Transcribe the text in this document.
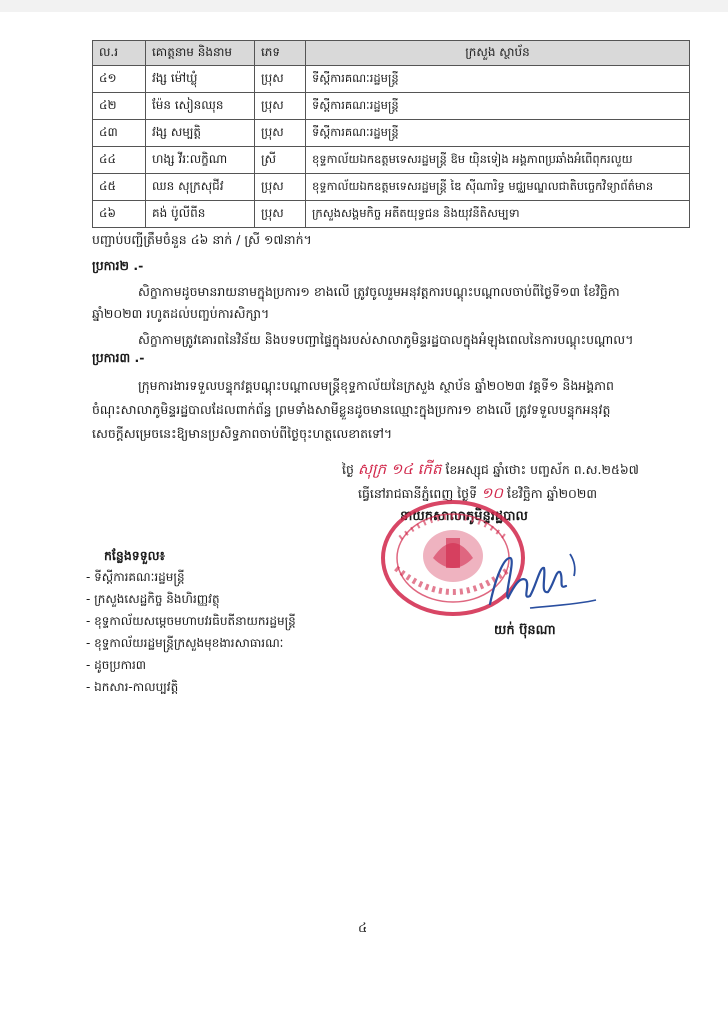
ល.រ	គោត្តនាម និងនាម	ភេទ	ក្រសួង ស្ថាប័ន
៤១	វង្ស ម៉ៅឃ្លុំ	ប្រុស	ទីស្តីការគណៈរដ្ឋមន្ត្រី
៤២	ម៉ែន សៀនឈុន	ប្រុស	ទីស្តីការគណៈរដ្ឋមន្ត្រី
៤៣	វង្ស សម្បត្តិ	ប្រុស	ទីស្តីការគណៈរដ្ឋមន្ត្រី
៤៤	ហង្ស វីរៈលក្ខិណា	ស្រី	ខុទ្ទកាល័យឯកឧត្តមទេសរដ្ឋមន្ត្រី ឱម យ៉ិនទៀង អង្គភាពប្រឆាំងអំពើពុករលួយ
៤៥	ឈន សុក្រសុជីវ	ប្រុស	ខុទ្ទកាល័យឯកឧត្តមទេសរដ្ឋមន្ត្រី ឌៃ ស៊ីណារិទ្ធ មជ្ឈមណ្ឌលជាតិបច្ចេកវិទ្យាព័ត៌មាន
៤៦	គង់ ប៉ូលីពីន	ប្រុស	ក្រសួងសង្គមកិច្ច អតីតយុទ្ធជន និងយុវនីតិសម្បទា
បញ្ជាប់បញ្ជីត្រឹមចំនួន ៤៦ នាក់ / ស្រី ១៧នាក់។
ប្រការ២ .-
សិក្ខាកាមដូចមានរាយនាមក្នុងប្រការ១ ខាងលើ ត្រូវចូលរួមអនុវត្តការបណ្តុះបណ្តាលចាប់ពីថ្ងៃទី១៣ ខែវិច្ឆិកា
ឆ្នាំ២០២៣ រហូតដល់បញ្ចប់ការសិក្សា។
សិក្ខាកាមត្រូវគោរពនៃវិន័យ និងបទបញ្ជាផ្ទៃក្នុងរបស់សាលាភូមិន្ទរដ្ឋបាលក្នុងអំឡុងពេលនៃការបណ្តុះបណ្តាល។
ប្រការ៣ .-
ក្រុមការងារទទួលបន្ទុកវគ្គបណ្តុះបណ្តាលមន្ត្រីខុទ្ទកាល័យនៃក្រសួង ស្ថាប័ន ឆ្នាំ២០២៣ វគ្គទី១ និងអង្គភាព
ចំណុះសាលាភូមិន្ទរដ្ឋបាលដែលពាក់ព័ន្ធ ព្រមទាំងសាមីខ្លួនដូចមានឈ្មោះក្នុងប្រការ១ ខាងលើ ត្រូវទទួលបន្ទុកអនុវត្ត
សេចក្តីសម្រេចនេះឱ្យមានប្រសិទ្ធភាពចាប់ពីថ្ងៃចុះហត្ថលេខាតទៅ។
ថ្ងៃ សុក្រ ១៤ កើត ខែអស្សុជ ឆ្នាំថោះ បញ្ចស័ក ព.ស.២៥៦៧
ធ្វើនៅរាជធានីភ្នំពេញ ថ្ងៃទី ១០ ខែវិច្ឆិកា ឆ្នាំ២០២៣
នាយកសាលាភូមិន្ទរដ្ឋបាល
យក់ ប៊ុនណា
កន្លែងទទួល៖
- ទីស្តីការគណៈរដ្ឋមន្ត្រី
- ក្រសួងសេដ្ឋកិច្ច និងហិរញ្ញវត្ថុ
- ខុទ្ទកាល័យសម្តេចមហាបវរធិបតីនាយករដ្ឋមន្ត្រី
- ខុទ្ទកាល័យរដ្ឋមន្ត្រីក្រសួងមុខងារសាធារណៈ
- ដូចប្រការ៣
- ឯកសារ-កាលប្បវត្តិ
៤
